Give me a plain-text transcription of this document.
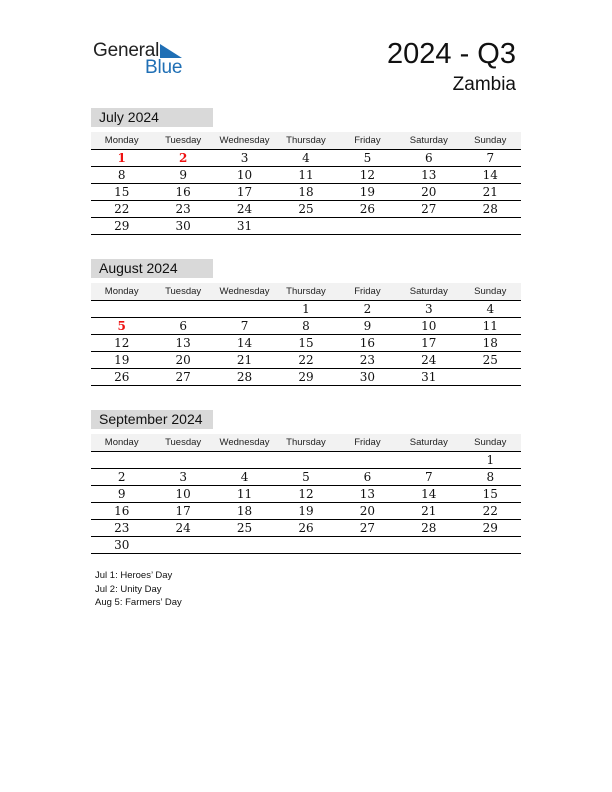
General
Blue	2024 - Q3
Zambia
July 2024
Monday	Tuesday	Wednesday	Thursday	Friday	Saturday	Sunday
1	2	3	4	5	6	7
8	9	10	11	12	13	14
15	16	17	18	19	20	21
22	23	24	25	26	27	28
29	30	31				
August 2024
Monday	Tuesday	Wednesday	Thursday	Friday	Saturday	Sunday
			1	2	3	4
5	6	7	8	9	10	11
12	13	14	15	16	17	18
19	20	21	22	23	24	25
26	27	28	29	30	31	
September 2024
Monday	Tuesday	Wednesday	Thursday	Friday	Saturday	Sunday
						1
2	3	4	5	6	7	8
9	10	11	12	13	14	15
16	17	18	19	20	21	22
23	24	25	26	27	28	29
30						
Jul 1: Heroes’ Day
Jul 2: Unity Day
Aug 5: Farmers’ Day
